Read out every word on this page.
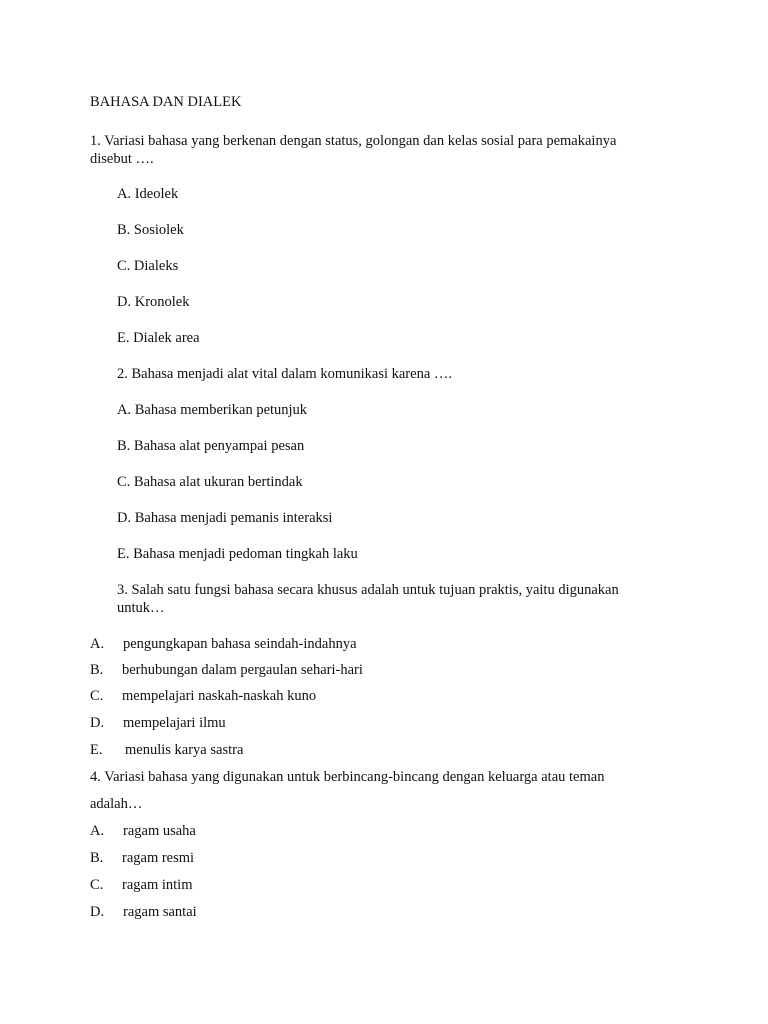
BAHASA DAN DIALEK
1. Variasi bahasa yang berkenan dengan status, golongan dan kelas sosial para pemakainya
disebut ….
A. Ideolek
B. Sosiolek
C. Dialeks
D. Kronolek
E. Dialek area
2. Bahasa menjadi alat vital dalam komunikasi karena ….
A. Bahasa memberikan petunjuk
B. Bahasa alat penyampai pesan
C. Bahasa alat ukuran bertindak
D. Bahasa menjadi pemanis interaksi
E. Bahasa menjadi pedoman tingkah laku
3. Salah satu fungsi bahasa secara khusus adalah untuk tujuan praktis, yaitu digunakan
untuk…
A. pengungkapan bahasa seindah-indahnya
B. berhubungan dalam pergaulan sehari-hari
C. mempelajari naskah-naskah kuno
D. mempelajari ilmu
E. menulis karya sastra
4. Variasi bahasa yang digunakan untuk berbincang-bincang dengan keluarga atau teman
adalah…
A. ragam usaha
B. ragam resmi
C. ragam intim
D. ragam santai
